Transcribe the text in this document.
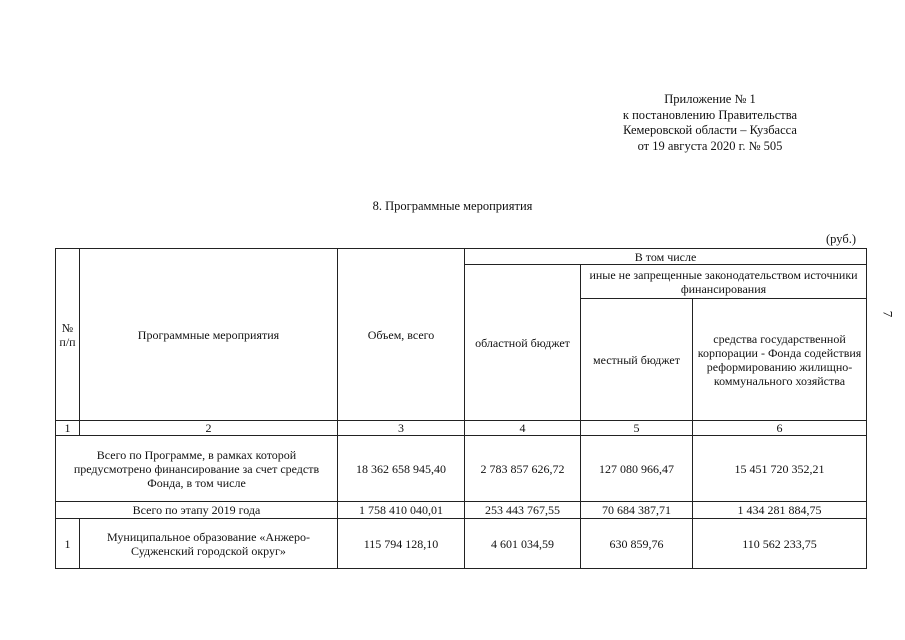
Приложение № 1
к постановлению Правительства
Кемеровской области – Кузбасса
от 19 августа 2020 г. № 505
8. Программные мероприятия
7
(руб.)
№ п/п	Программные мероприятия	Объем, всего	В том числе		
			областной бюджет	иные не запрещенные законодательством источники финансирования	
				местный бюджет	средства государственной корпорации - Фонда содействия реформированию жилищно-коммунального хозяйства
1	2	3	4	5	6
Всего по Программе, в рамках которой предусмотрено финансирование за счет средств Фонда, в том числе		18 362 658 945,40	2 783 857 626,72	127 080 966,47	15 451 720 352,21
Всего по этапу 2019 года		1 758 410 040,01	253 443 767,55	70 684 387,71	1 434 281 884,75
1	Муниципальное образование «Анжеро-Судженский городской округ»	115 794 128,10	4 601 034,59	630 859,76	110 562 233,75
